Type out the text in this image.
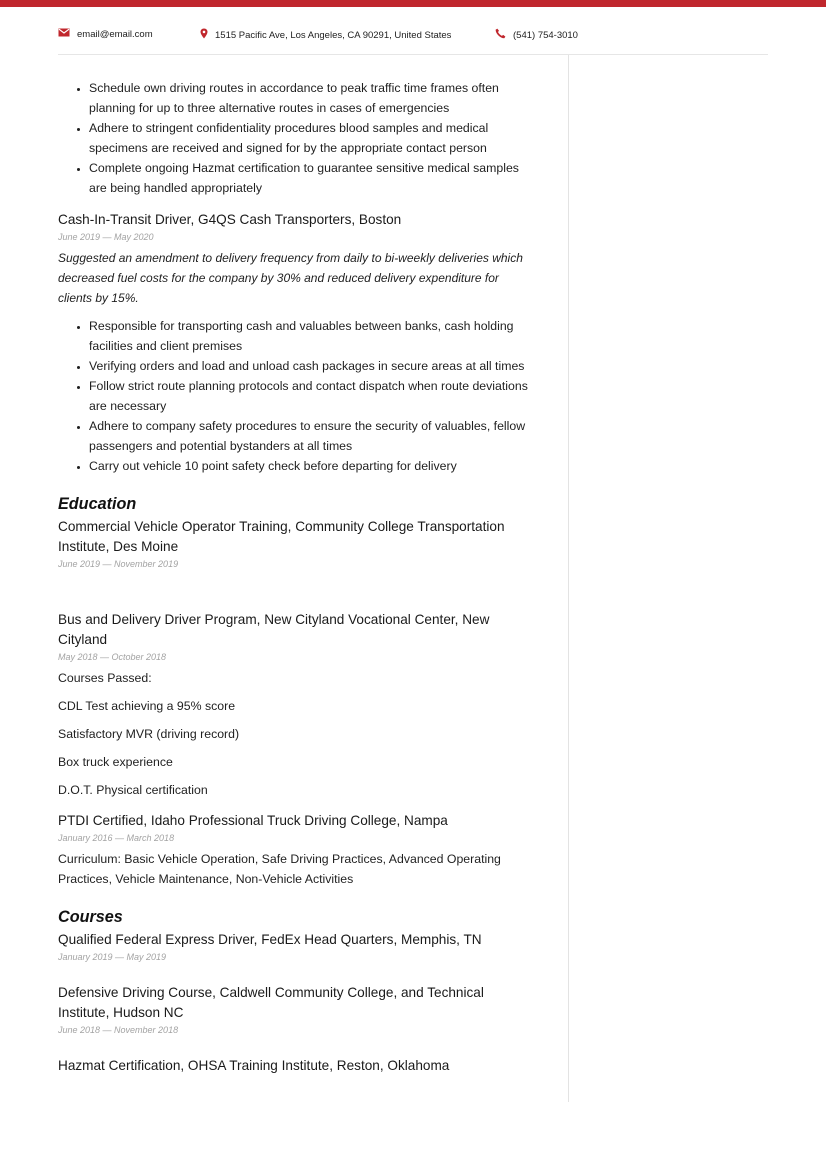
email@email.com	1515 Pacific Ave, Los Angeles, CA 90291, United States	(541) 754-3010
• Schedule own driving routes in accordance to peak traffic time frames often planning for up to three alternative routes in cases of emergencies
• Adhere to stringent confidentiality procedures blood samples and medical specimens are received and signed for by the appropriate contact person
• Complete ongoing Hazmat certification to guarantee sensitive medical samples are being handled appropriately
Cash-In-Transit Driver, G4QS Cash Transporters, Boston

June 2019 — May 2020

Suggested an amendment to delivery frequency from daily to bi-weekly deliveries which decreased fuel costs for the company by 30% and reduced delivery expenditure for clients by 15%.

• Responsible for transporting cash and valuables between banks, cash holding facilities and client premises
• Verifying orders and load and unload cash packages in secure areas at all times
• Follow strict route planning protocols and contact dispatch when route deviations are necessary
• Adhere to company safety procedures to ensure the security of valuables, fellow passengers and potential bystanders at all times
• Carry out vehicle 10 point safety check before departing for delivery
Education
Commercial Vehicle Operator Training, Community College Transportation Institute, Des Moine

June 2019 — November 2019

Bus and Delivery Driver Program, New Cityland Vocational Center, New Cityland

May 2018 — October 2018

Courses Passed:

CDL Test achieving a 95% score

Satisfactory MVR (driving record)

Box truck experience

D.O.T. Physical certification

PTDI Certified, Idaho Professional Truck Driving College, Nampa

January 2016 — March 2018

Curriculum: Basic Vehicle Operation, Safe Driving Practices, Advanced Operating Practices, Vehicle Maintenance, Non-Vehicle Activities

Courses
Qualified Federal Express Driver, FedEx Head Quarters, Memphis, TN

January 2019 — May 2019

Defensive Driving Course, Caldwell Community College, and Technical Institute, Hudson NC

June 2018 — November 2018

Hazmat Certification, OHSA Training Institute, Reston, Oklahoma
